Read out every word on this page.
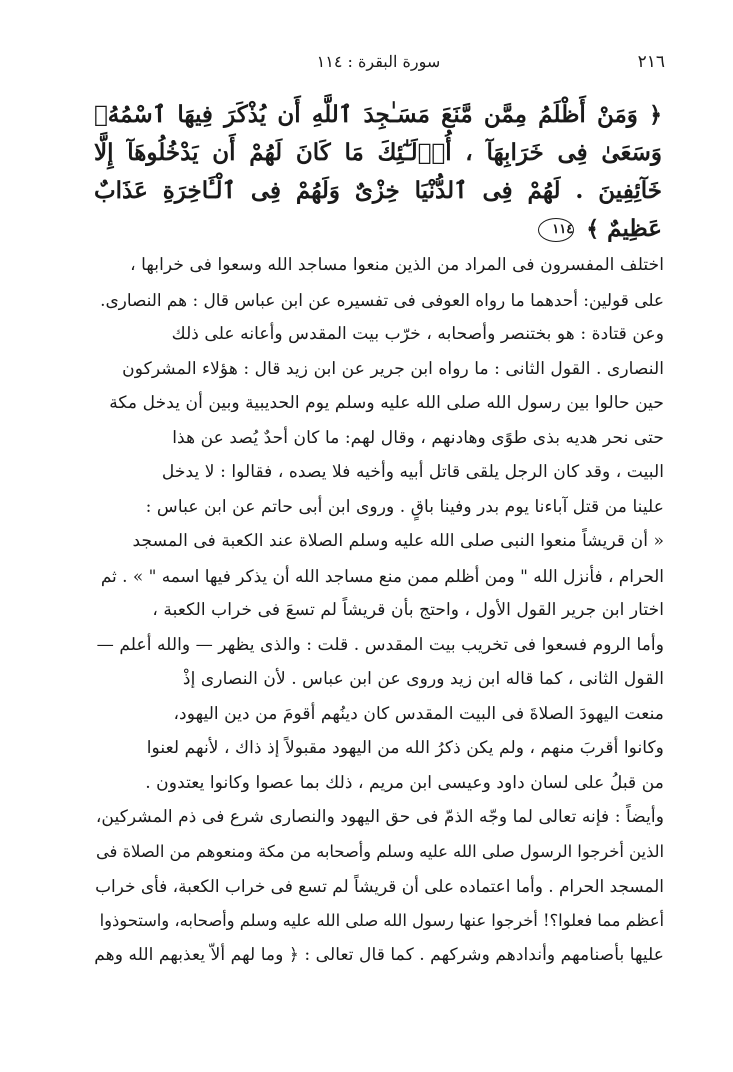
٢١٦
سورة البقرة : ١١٤
﴿ وَمَنْ أَظْلَمُ مِمَّن مَّنَعَ مَسَـٰجِدَ ٱللَّهِ أَن يُذْكَرَ فِيهَا ٱسْمُهُۥ وَسَعَىٰ فِى خَرَابِهَآ ، أُو۟لَـٰٓئِكَ مَا كَانَ لَهُمْ أَن يَدْخُلُوهَآ إِلَّا خَآئِفِينَ . لَهُمْ فِى ٱلدُّنْيَا خِزْىٌ وَلَهُمْ فِى ٱلْـَٔاخِرَةِ عَذَابٌ عَظِيمٌ ﴾ ١١٤
اختلف المفسرون فى المراد من الذين منعوا مساجد الله وسعوا فى خرابها ،
على قولين: أحدهما ما رواه العوفى فى تفسيره عن ابن عباس قال : هم النصارى.
وعن قتادة : هو بختنصر وأصحابه ، خرّب بيت المقدس وأعانه على ذلك
النصارى . القول الثانى : ما رواه ابن جرير عن ابن زيد قال : هؤلاء المشركون
حين حالوا بين رسول الله صلى الله عليه وسلم يوم الحديبية وبين أن يدخل مكة
حتى نحر هديه بذى طوًى وهادنهم ، وقال لهم: ما كان أحدٌ يُصد عن هذا
البيت ، وقد كان الرجل يلقى قاتل أبيه وأخيه فلا يصده ، فقالوا : لا يدخل
علينا من قتل آباءنا يوم بدر وفينا باقٍ . وروى ابن أبى حاتم عن ابن عباس :
« أن قريشاً منعوا النبى صلى الله عليه وسلم الصلاة عند الكعبة فى المسجد
الحرام ، فأنزل الله " ومن أظلم ممن منع مساجد الله أن يذكر فيها اسمه " » . ثم
اختار ابن جرير القول الأول ، واحتج بأن قريشاً لم تسعَ فى خراب الكعبة ،
وأما الروم فسعوا فى تخريب بيت المقدس . قلت : والذى يظهر — والله أعلم —
القول الثانى ، كما قاله ابن زيد وروى عن ابن عباس . لأن النصارى إذْ
منعت اليهودَ الصلاةَ فى البيت المقدس كان دينُهم أقومَ من دين اليهود،
وكانوا أقربَ منهم ، ولم يكن ذكرُ الله من اليهود مقبولاً إذ ذاك ، لأنهم لعنوا
من قبلُ على لسان داود وعيسى ابن مريم ، ذلك بما عصوا وكانوا يعتدون .
وأيضاً : فإنه تعالى لما وجّه الذمّ فى حق اليهود والنصارى شرع فى ذم المشركين،
الذين أخرجوا الرسول صلى الله عليه وسلم وأصحابه من مكة ومنعوهم من الصلاة فى
المسجد الحرام . وأما اعتماده على أن قريشاً لم تسع فى خراب الكعبة، فأى خراب
أعظم مما فعلوا؟! أخرجوا عنها رسول الله صلى الله عليه وسلم وأصحابه، واستحوذوا
عليها بأصنامهم وأندادهم وشركهم . كما قال تعالى : ﴿ وما لهم ألاّ يعذبهم الله وهم
